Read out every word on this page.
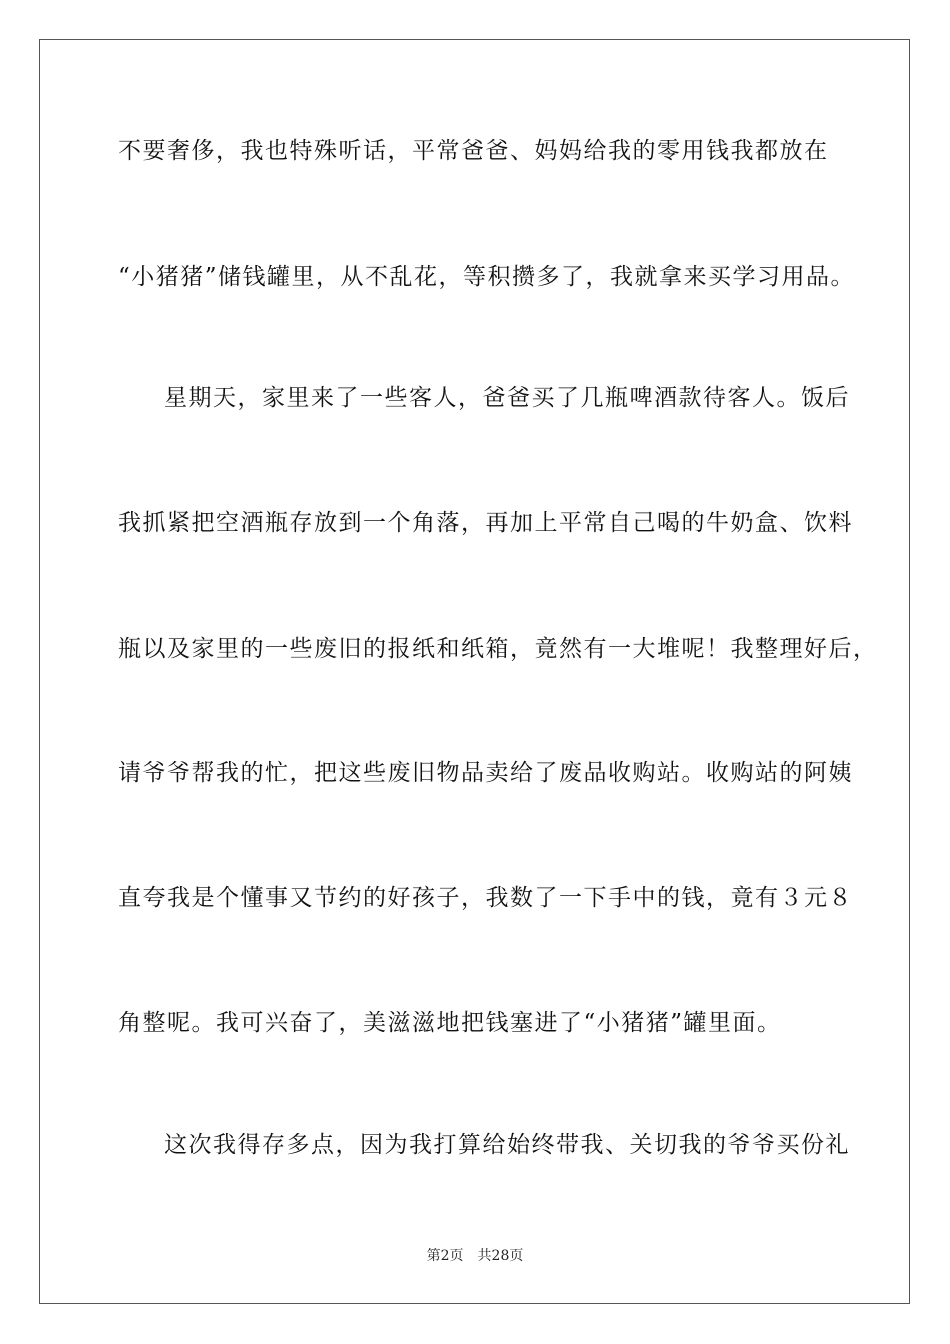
不要奢侈，我也特殊听话，平常爸爸、妈妈给我的零用钱我都放在
“小猪猪”储钱罐里，从不乱花，等积攒多了，我就拿来买学习用品。
星期天，家里来了一些客人，爸爸买了几瓶啤酒款待客人。饭后
我抓紧把空酒瓶存放到一个角落，再加上平常自己喝的牛奶盒、饮料
瓶以及家里的一些废旧的报纸和纸箱，竟然有一大堆呢！我整理好后，
请爷爷帮我的忙，把这些废旧物品卖给了废品收购站。收购站的阿姨
直夸我是个懂事又节约的好孩子，我数了一下手中的钱，竟有３元８
角整呢。我可兴奋了，美滋滋地把钱塞进了“小猪猪”罐里面。
这次我得存多点，因为我打算给始终带我、关切我的爷爷买份礼
第2页 共28页
